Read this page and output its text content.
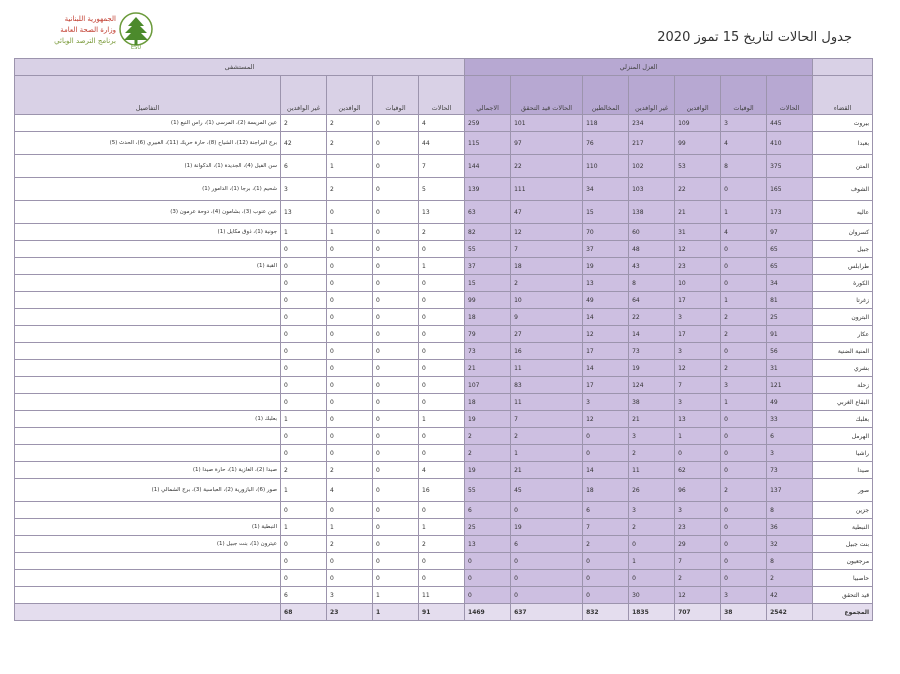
الجمهورية اللبنانية
وزارة الصحة العامة
برنامج الترصد الوبائي
ESU
جدول الحالات لتاريخ 15 تموز 2020
	العزل المنزلي							المستشفى				
القضاء	الحالات	الوفيات	الوافدين	غير الوافدين	المخالطين	الحالات قيد التحقق	الاجمالي	الحالات	الوفيات	الوافدين	غير الوافدين	التفاصيل
بيروت	445	3	109	234	118	101	259	4	0	2	2	عين المريسة (2)، المرسى (1)، راس النبع (1)
بعبدا	410	4	99	217	76	97	115	44	0	2	42	برج البراجنة (12)، الشياح (8)، حارة حريك (11)، الغبيري (6)، الحدث (5)
المتن	375	8	53	102	110	22	144	7	0	1	6	سن الفيل (4)، الجديدة (1)، الدكوانة (1)
الشوف	165	0	22	103	34	111	139	5	0	2	3	شحيم (1)، برجا (1)، الدامور (1)
عاليه	173	1	21	138	15	47	63	13	0	0	13	عين عنوب (3)، بشامون (4)، دوحة عرمون (3)
كسروان	97	4	31	60	70	12	82	2	0	1	1	جونية (1)، ذوق مكايل (1)
جبيل	65	0	12	48	37	7	55	0	0	0	0	
طرابلس	65	0	23	43	19	18	37	1	0	0	0	القبة (1)
الكورة	34	0	10	8	13	2	15	0	0	0	0	
زغرتا	81	1	17	64	49	10	99	0	0	0	0	
البترون	25	2	3	22	14	9	18	0	0	0	0	
عكار	91	2	17	14	12	27	79	0	0	0	0	
المنية الضنية	56	0	3	73	17	16	73	0	0	0	0	
بشري	31	2	12	19	14	11	21	0	0	0	0	
زحلة	121	3	7	124	17	83	107	0	0	0	0	
البقاع الغربي	49	1	3	38	3	11	18	0	0	0	0	
بعلبك	33	0	13	21	12	7	19	1	0	0	1	بعلبك (1)
الهرمل	6	0	1	3	0	2	2	0	0	0	0	
راشيا	3	0	0	2	0	1	2	0	0	0	0	
صيدا	73	0	62	11	14	21	19	4	0	2	2	صيدا (2)، الغازية (1)، حارة صيدا (1)
صور	137	2	96	26	18	45	55	16	0	4	1	صور (6)، البازورية (2)، العباسية (3)، برج الشمالي (1)
جزين	8	0	3	3	6	0	6	0	0	0	0	
النبطية	36	0	23	2	7	19	25	1	0	1	1	النبطية (1)
بنت جبيل	32	0	29	0	2	6	13	2	0	2	0	عيترون (1)، بنت جبيل (1)
مرجعيون	8	0	7	1	0	0	0	0	0	0	0	
حاصبيا	2	0	2	0	0	0	0	0	0	0	0	
قيد التحقق	42	3	12	30	0	0	0	11	1	3	6	
المجموع	2542	38	707	1835	832	637	1469	91	1	23	68	
